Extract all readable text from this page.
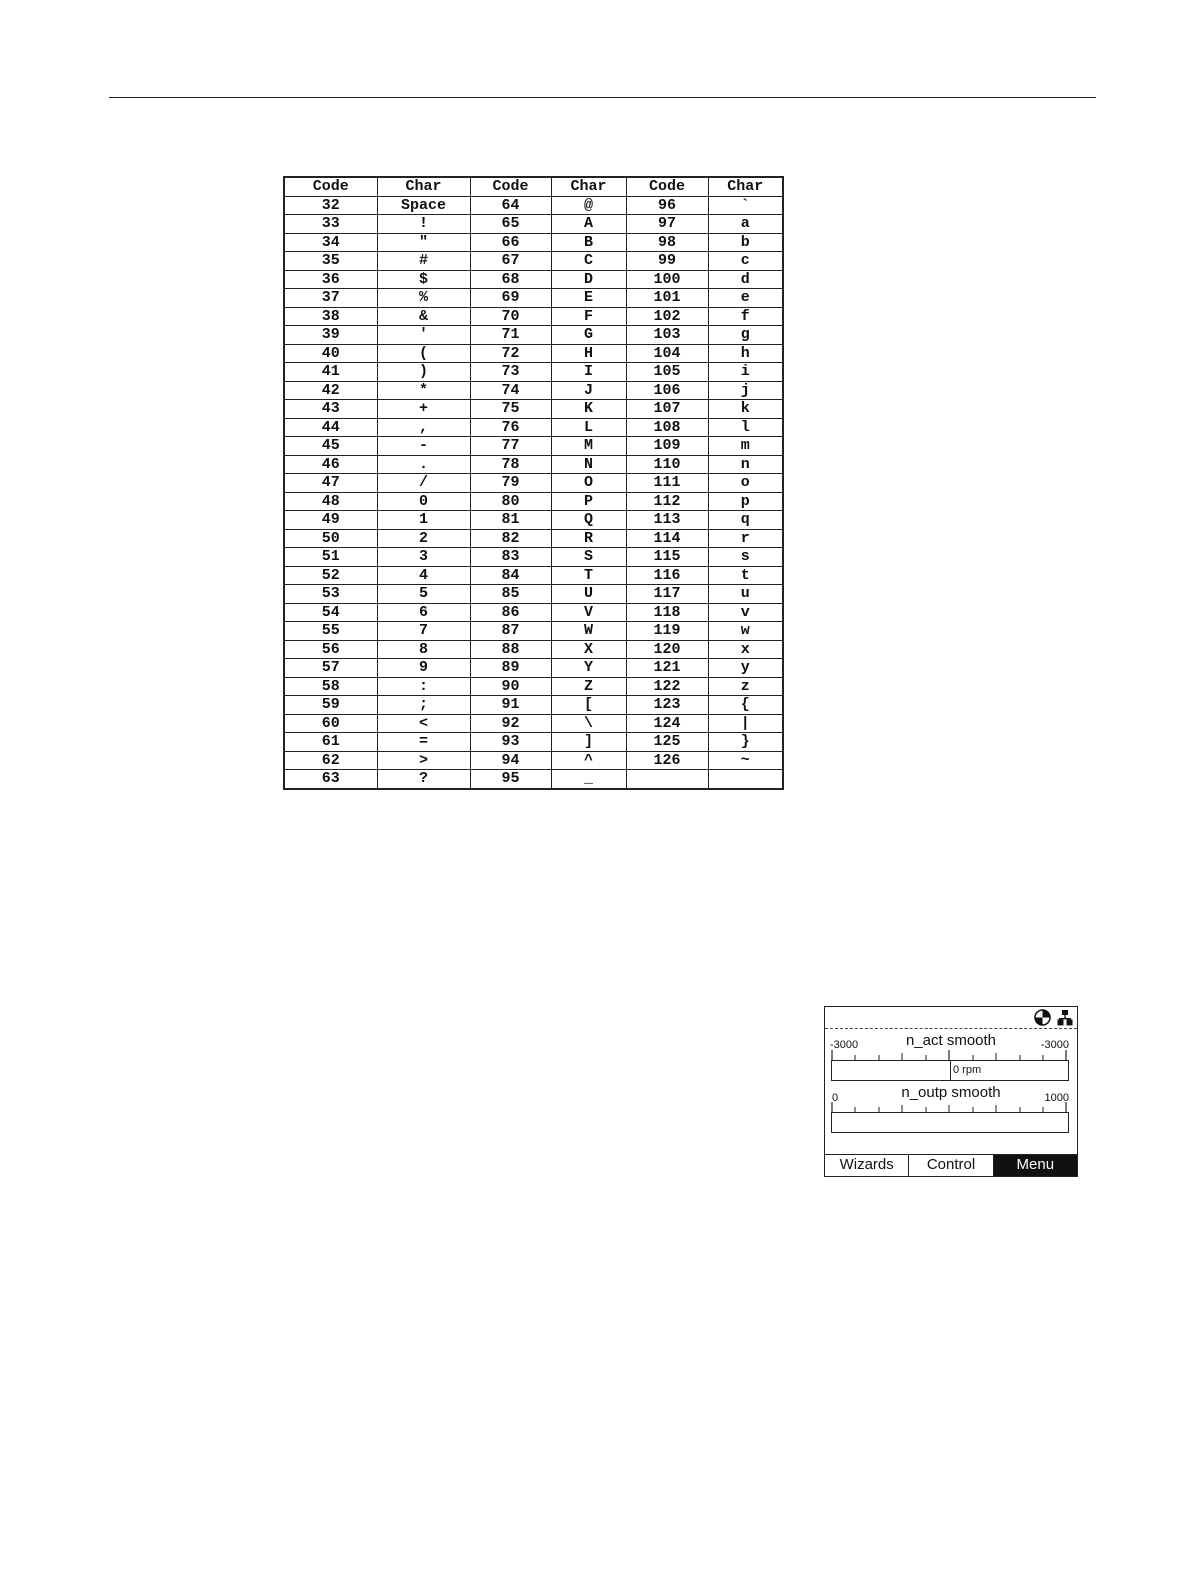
Code	Char	Code	Char	Code	Char
32	Space	64	@	96	`
33	!	65	A	97	a
34	"	66	B	98	b
35	#	67	C	99	c
36	$	68	D	100	d
37	%	69	E	101	e
38	&	70	F	102	f
39	'	71	G	103	g
40	(	72	H	104	h
41	)	73	I	105	i
42	*	74	J	106	j
43	+	75	K	107	k
44	,	76	L	108	l
45	-	77	M	109	m
46	.	78	N	110	n
47	/	79	O	111	o
48	0	80	P	112	p
49	1	81	Q	113	q
50	2	82	R	114	r
51	3	83	S	115	s
52	4	84	T	116	t
53	5	85	U	117	u
54	6	86	V	118	v
55	7	87	W	119	w
56	8	88	X	120	x
57	9	89	Y	121	y
58	:	90	Z	122	z
59	;	91	[	123	{
60	<	92	\	124	|
61	=	93	]	125	}
62	>	94	^	126	~
63	?	95	_		
n_act smooth
-3000	-3000
0 rpm
n_outp smooth
0	1000
Wizards	Control	Menu
